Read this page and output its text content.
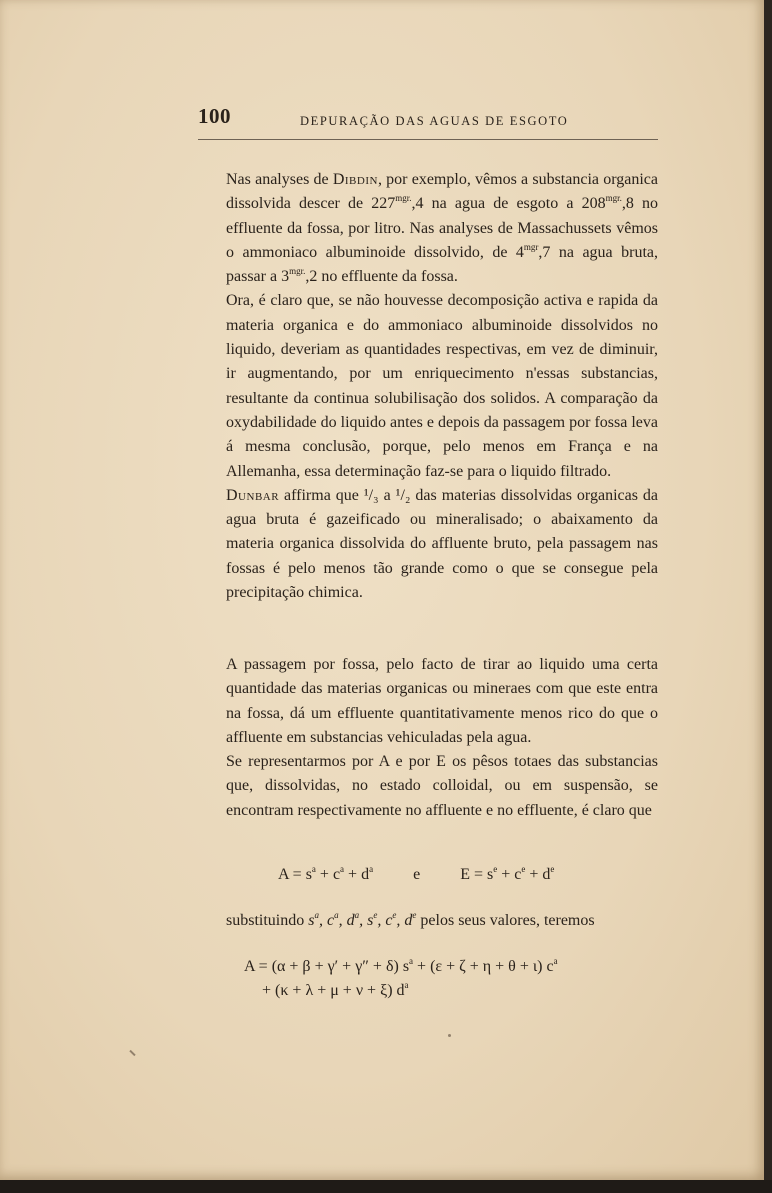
100	DEPURAÇÃO DAS AGUAS DE ESGOTO

Nas analyses de Dibdin, por exemplo, vêmos a substancia organica dissolvida descer de $227^{mgr.},4$ na agua de esgoto a $208^{mgr.},8$ no effluente da fossa, por litro. Nas analyses de Massachussets vêmos o ammoniaco albuminoide dissolvido, de $4^{mgr},7$ na agua bruta, passar a $3^{mgr.},2$ no effluente da fossa.

Ora, é claro que, se não houvesse decomposição activa e rapida da materia organica e do ammoniaco albuminoide dissolvidos no liquido, deveriam as quantidades respectivas, em vez de diminuir, ir augmentando, por um enriquecimento n'essas substancias, resultante da continua solubilisação dos solidos. A comparação da oxydabilidade do liquido antes e depois da passagem por fossa leva á mesma conclusão, porque, pelo menos em França e na Allemanha, essa determinação faz-se para o liquido filtrado.

Dunbar affirma que ¹/₃ a ¹/₂ das materias dissolvidas organicas da agua bruta é gazeificado ou mineralisado; o abaixamento da materia organica dissolvida do affluente bruto, pela passagem nas fossas é pelo menos tão grande como o que se consegue pela precipitação chimica.

A passagem por fossa, pelo facto de tirar ao liquido uma certa quantidade das materias organicas ou mineraes com que este entra na fossa, dá um effluente quantitativamente menos rico do que o affluente em substancias vehiculadas pela agua.

Se representarmos por A e por E os pêsos totaes das substancias que, dissolvidas, no estado colloidal, ou em suspensão, se encontram respectivamente no affluente e no effluente, é claro que

$A = s^a + c^a + d^a$	e	$E = s^e + c^e + d^e$
substituindo $s^a$, $c^a$, $d^a$, $s^e$, $c^e$, $d^e$ pelos seus valores, teremos
A = (α + β + γ′ + γ″ + δ) $s^a + (\varepsilon + \zeta + \eta + \theta + \iota)$ $c^a$
+ (κ + λ + μ + ν + ξ) $d^a$
